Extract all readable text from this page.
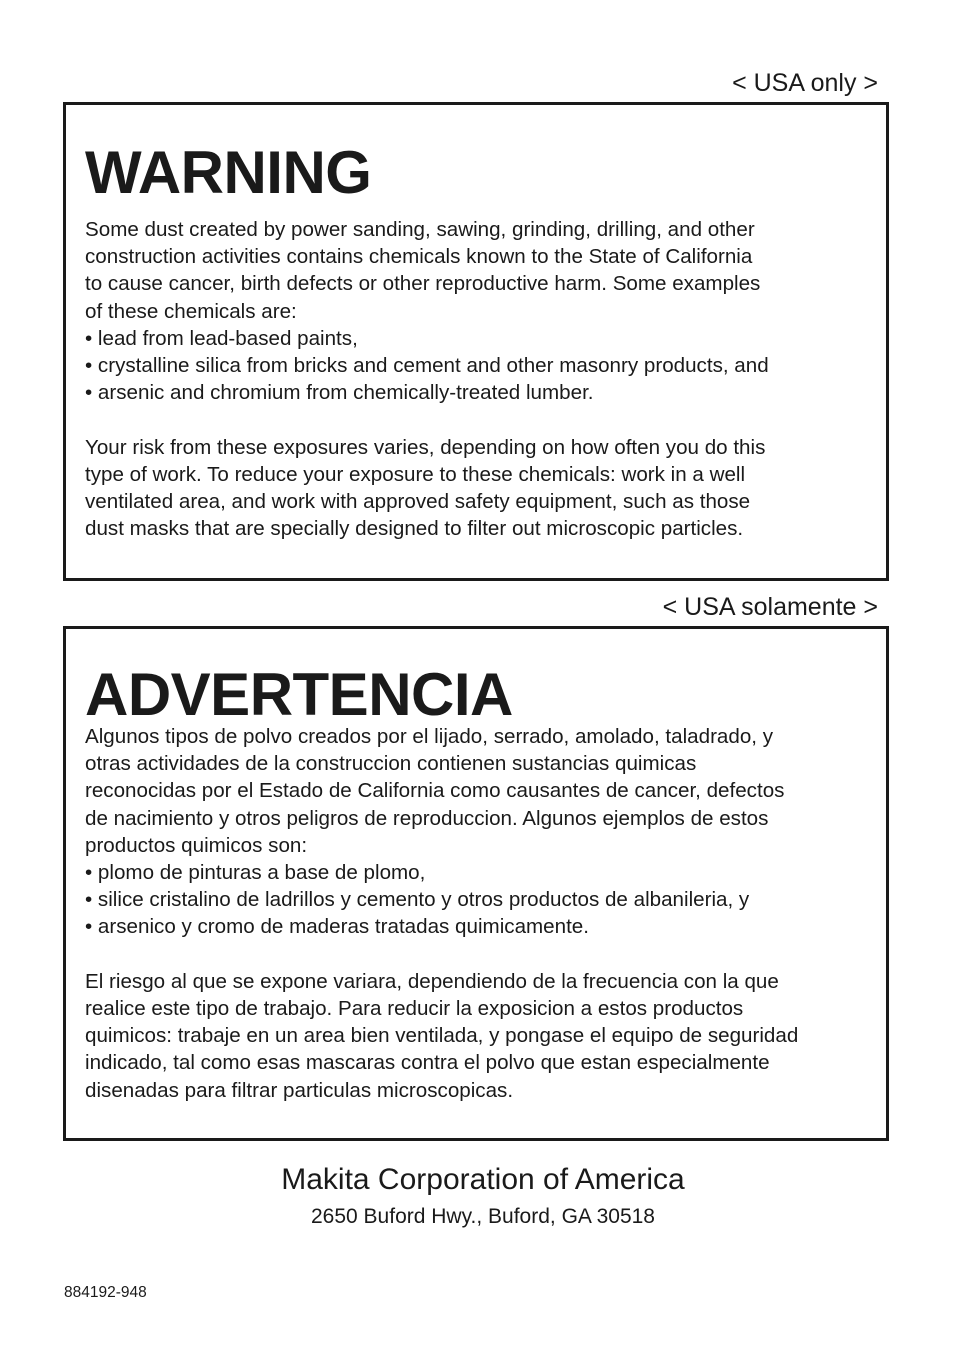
< USA only >
WARNING
Some dust created by power sanding, sawing, grinding, drilling, and other
construction activities contains chemicals known to the State of California
to cause cancer, birth defects or other reproductive harm. Some examples
of these chemicals are:
• lead from lead-based paints,
• crystalline silica from bricks and cement and other masonry products, and
• arsenic and chromium from chemically-treated lumber.
Your risk from these exposures varies, depending on how often you do this
type of work. To reduce your exposure to these chemicals: work in a well
ventilated area, and work with approved safety equipment, such as those
dust masks that are specially designed to filter out microscopic particles.
< USA solamente >
ADVERTENCIA
Algunos tipos de polvo creados por el lijado, serrado, amolado, taladrado, y
otras actividades de la construccion contienen sustancias quimicas
reconocidas por el Estado de California como causantes de cancer, defectos
de nacimiento y otros peligros de reproduccion. Algunos ejemplos de estos
productos quimicos son:
• plomo de pinturas a base de plomo,
• silice cristalino de ladrillos y cemento y otros productos de albanileria, y
• arsenico y cromo de maderas tratadas quimicamente.
El riesgo al que se expone variara, dependiendo de la frecuencia con la que
realice este tipo de trabajo. Para reducir la exposicion a estos productos
quimicos: trabaje en un area bien ventilada, y pongase el equipo de seguridad
indicado, tal como esas mascaras contra el polvo que estan especialmente
disenadas para filtrar particulas microscopicas.
Makita Corporation of America
2650 Buford Hwy., Buford, GA 30518
884192-948
